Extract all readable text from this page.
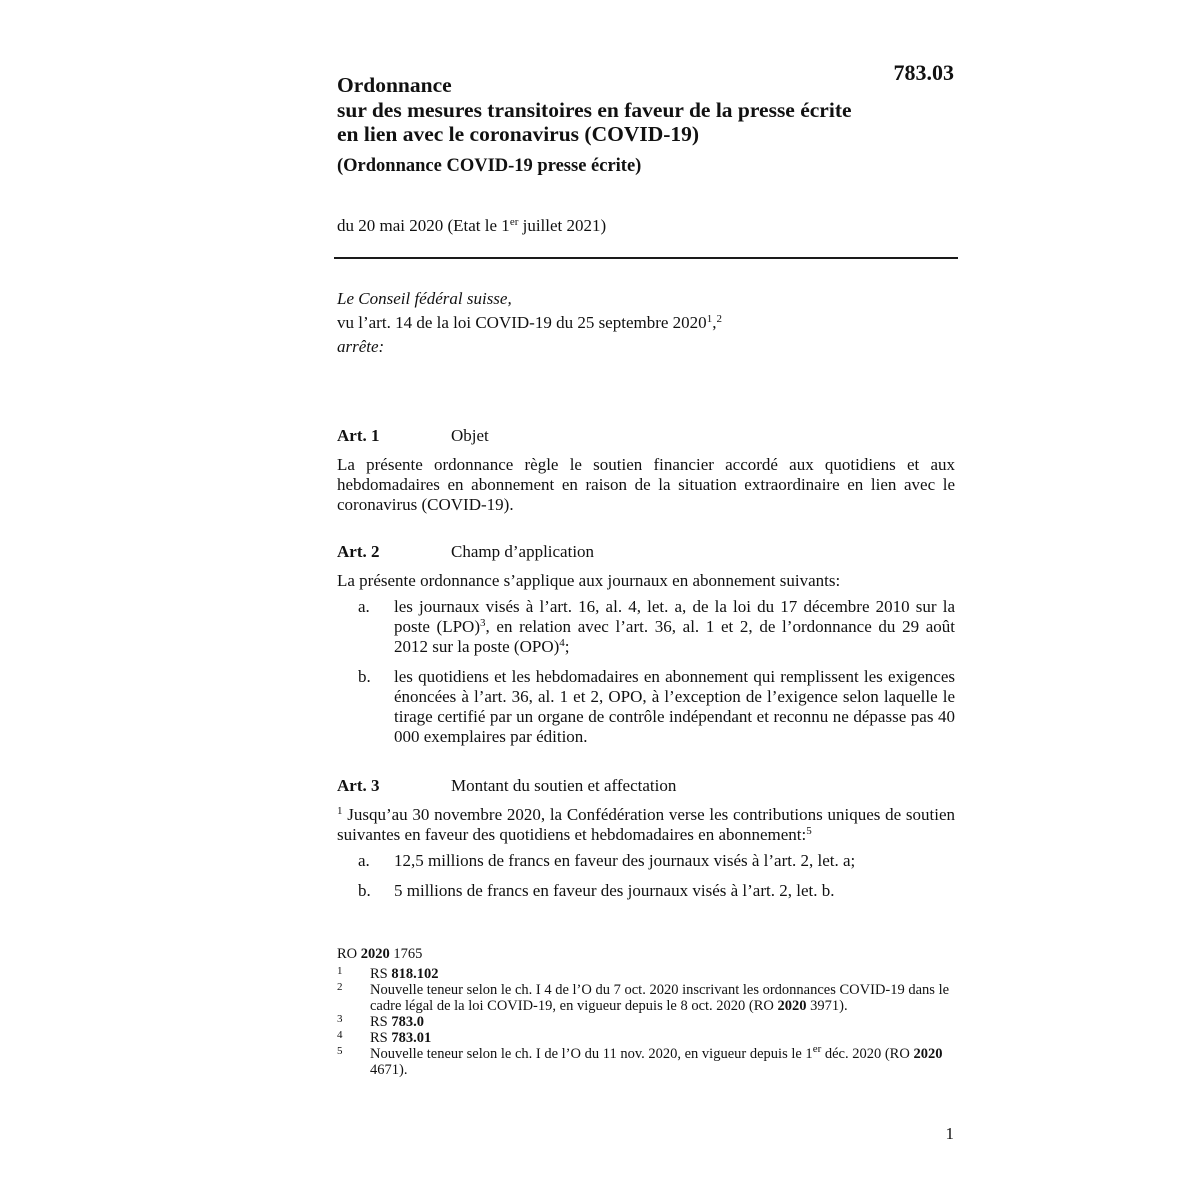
783.03
Ordonnance
sur des mesures transitoires en faveur de la presse écrite
en lien avec le coronavirus (COVID-19)
(Ordonnance COVID-19 presse écrite)
du 20 mai 2020 (Etat le 1er juillet 2021)
Le Conseil fédéral suisse,
vu l’art. 14 de la loi COVID-19 du 25 septembre 2020$^1$,$^2$
arrête:
Art. 1	Objet
La présente ordonnance règle le soutien financier accordé aux quotidiens et aux hebdomadaires en abonnement en raison de la situation extraordinaire en lien avec le coronavirus (COVID-19).
Art. 2	Champ d’application
La présente ordonnance s’applique aux journaux en abonnement suivants:
a. les journaux visés à l’art. 16, al. 4, let. a, de la loi du 17 décembre 2010 sur la poste (LPO)$^3$, en relation avec l’art. 36, al. 1 et 2, de l’ordonnance du 29 août 2012 sur la poste (OPO)$^4$;
b. les quotidiens et les hebdomadaires en abonnement qui remplissent les exigences énoncées à l’art. 36, al. 1 et 2, OPO, à l’exception de l’exigence selon laquelle le tirage certifié par un organe de contrôle indépendant et reconnu ne dépasse pas 40 000 exemplaires par édition.
Art. 3	Montant du soutien et affectation
$^1$ Jusqu’au 30 novembre 2020, la Confédération verse les contributions uniques de soutien suivantes en faveur des quotidiens et hebdomadaires en abonnement:$^5$
a. 12,5 millions de francs en faveur des journaux visés à l’art. 2, let. a;
b. 5 millions de francs en faveur des journaux visés à l’art. 2, let. b.
RO 2020 1765
1 RS 818.102
2 Nouvelle teneur selon le ch. I 4 de l’O du 7 oct. 2020 inscrivant les ordonnances COVID-19 dans le cadre légal de la loi COVID-19, en vigueur depuis le 8 oct. 2020 (RO 2020 3971).
3 RS 783.0
4 RS 783.01
5 Nouvelle teneur selon le ch. I de l’O du 11 nov. 2020, en vigueur depuis le 1er déc. 2020 (RO 2020 4671).
1
